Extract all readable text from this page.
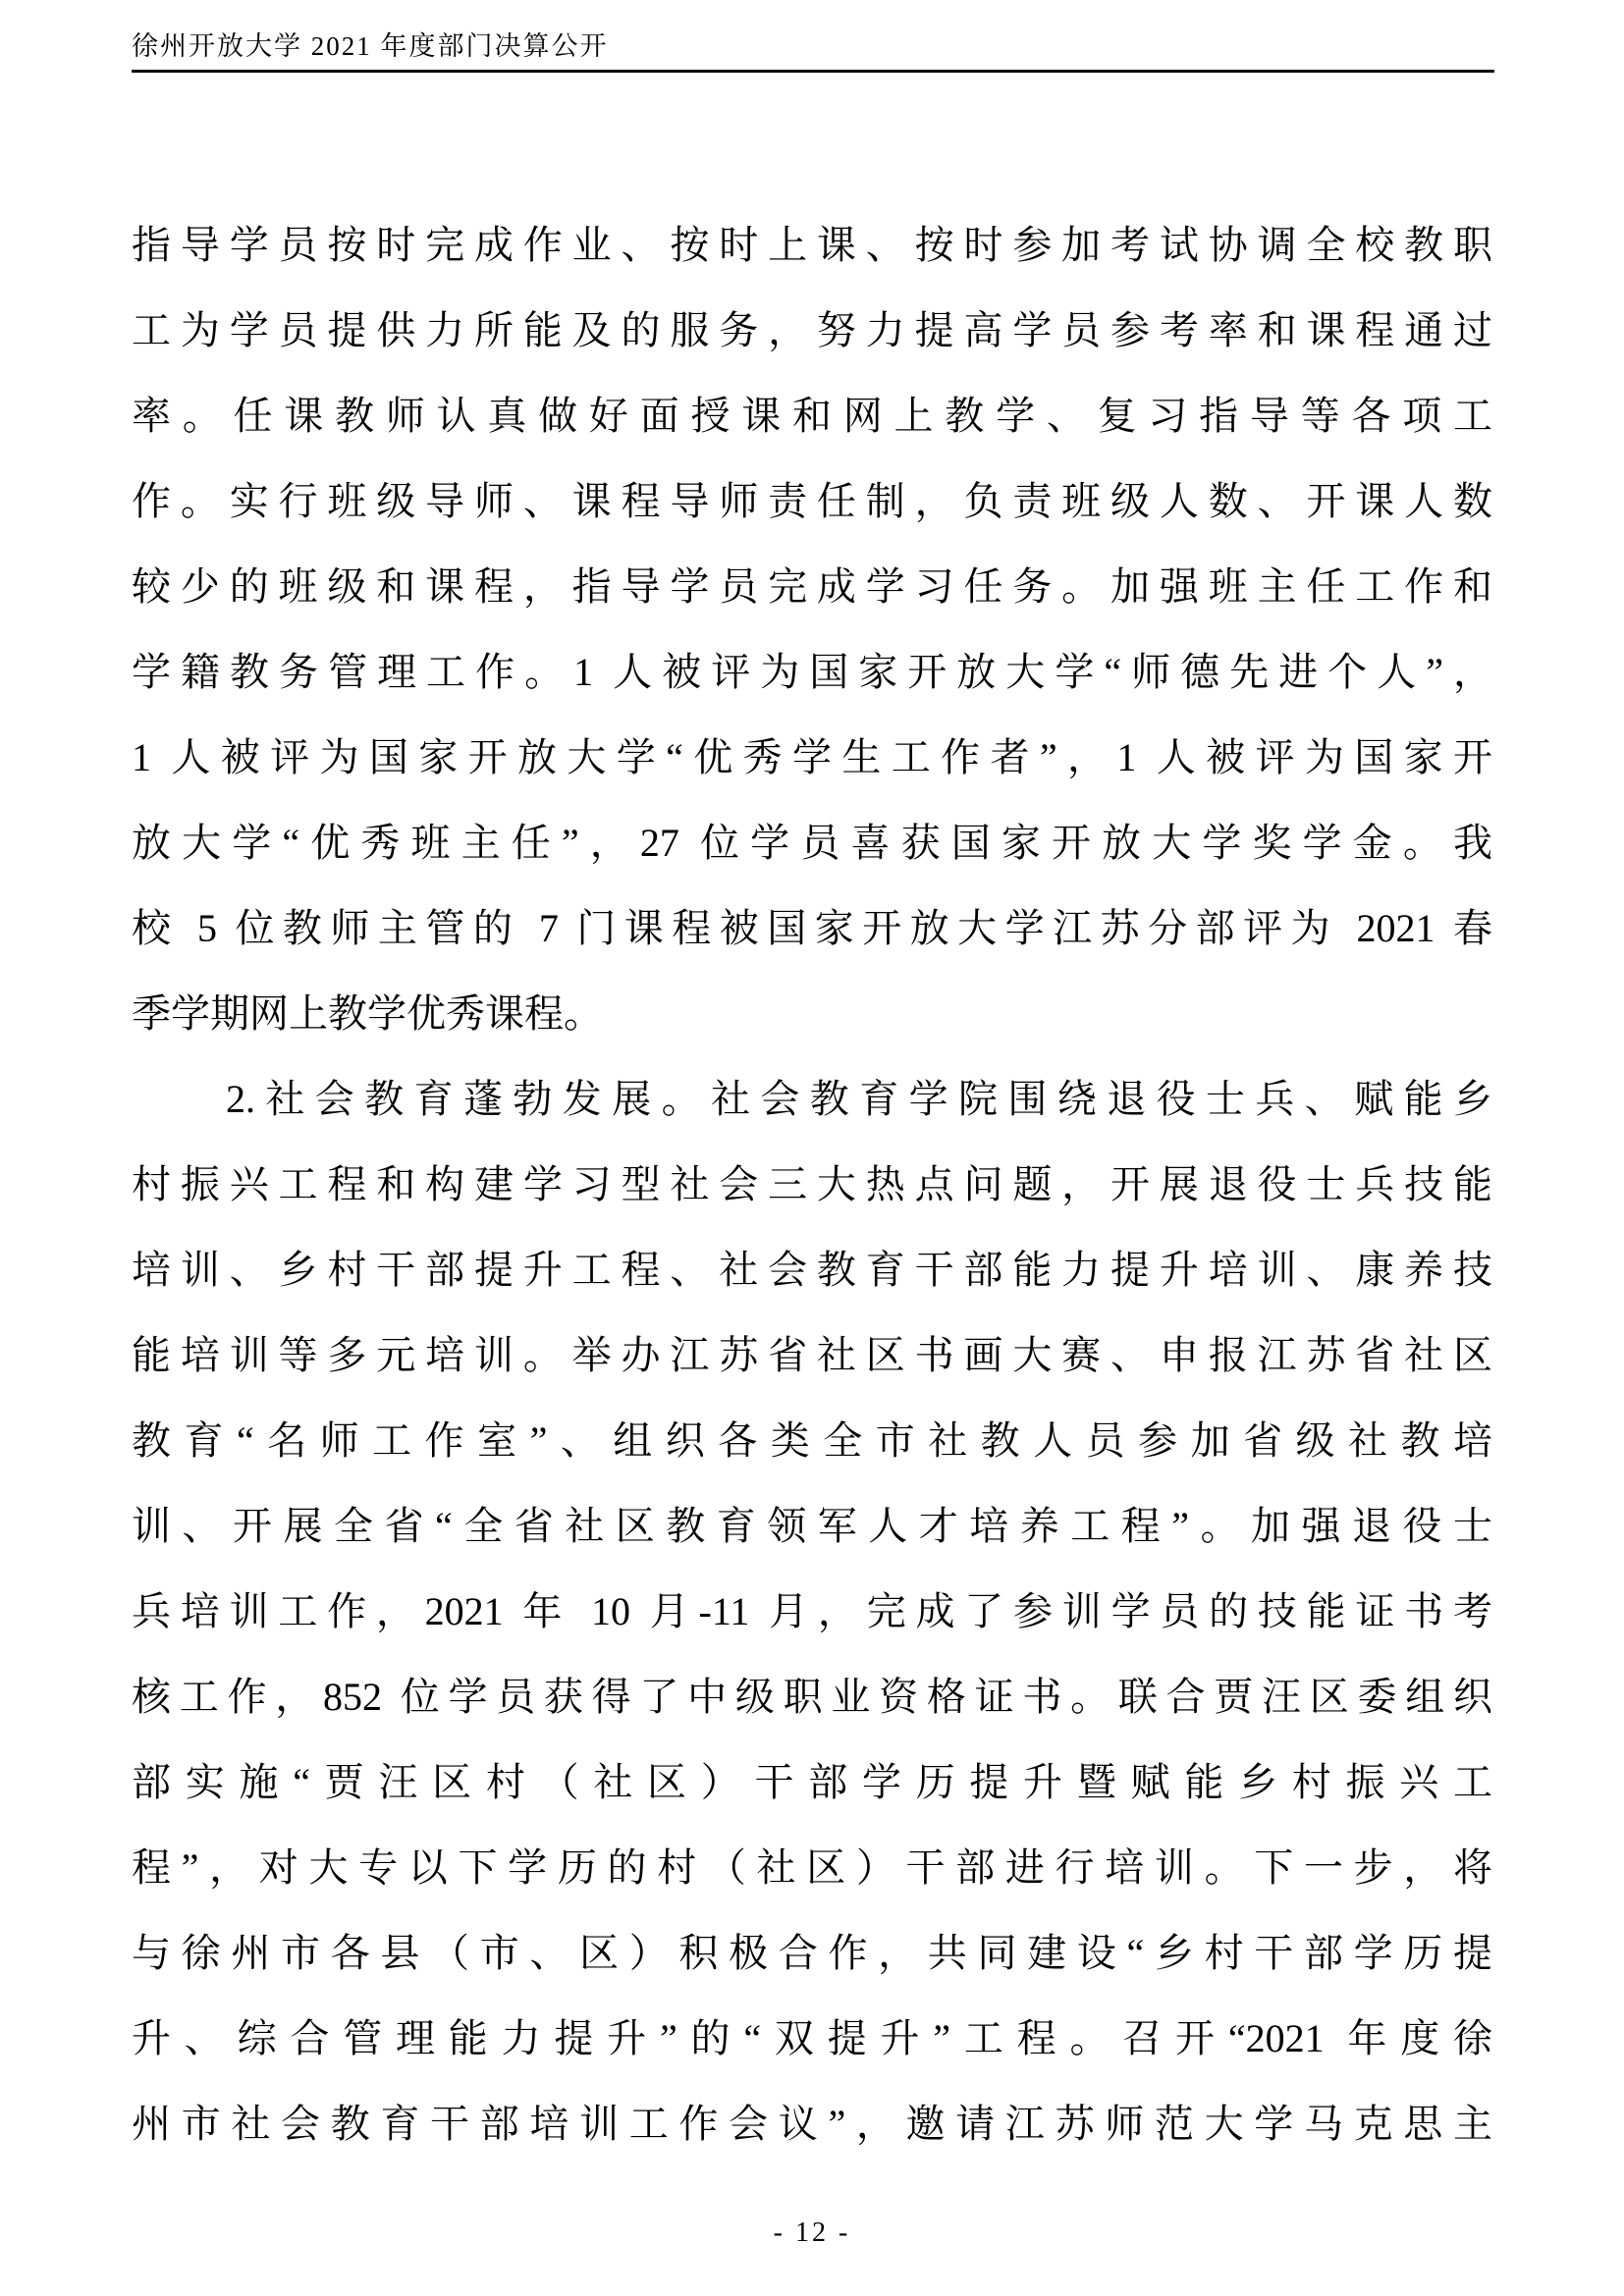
徐州开放大学 2021 年度部门决算公开
指导学员按时完成作业、按时上课、按时参加考试协调全校教职
工为学员提供力所能及的服务，努力提高学员参考率和课程通过
率。任课教师认真做好面授课和网上教学、复习指导等各项工
作。实行班级导师、课程导师责任制，负责班级人数、开课人数
较少的班级和课程，指导学员完成学习任务。加强班主任工作和
学籍教务管理工作。1 人被评为国家开放大学“师德先进个人”，
1 人被评为国家开放大学“优秀学生工作者”，1 人被评为国家开
放大学“优秀班主任”，27 位学员喜获国家开放大学奖学金。我
校 5 位教师主管的 7 门课程被国家开放大学江苏分部评为 2021 春
季学期网上教学优秀课程。
2.社会教育蓬勃发展。社会教育学院围绕退役士兵、赋能乡
村振兴工程和构建学习型社会三大热点问题，开展退役士兵技能
培训、乡村干部提升工程、社会教育干部能力提升培训、康养技
能培训等多元培训。举办江苏省社区书画大赛、申报江苏省社区
教育“名师工作室”、组织各类全市社教人员参加省级社教培
训、开展全省“全省社区教育领军人才培养工程”。加强退役士
兵培训工作，2021 年 10 月-11 月，完成了参训学员的技能证书考
核工作，852 位学员获得了中级职业资格证书。联合贾汪区委组织
部实施“贾汪区村（社区）干部学历提升暨赋能乡村振兴工
程”，对大专以下学历的村（社区）干部进行培训。下一步，将
与徐州市各县（市、区）积极合作，共同建设“乡村干部学历提
升、综合管理能力提升”的“双提升”工程。召开“2021 年度徐
州市社会教育干部培训工作会议”，邀请江苏师范大学马克思主
- 12 -
